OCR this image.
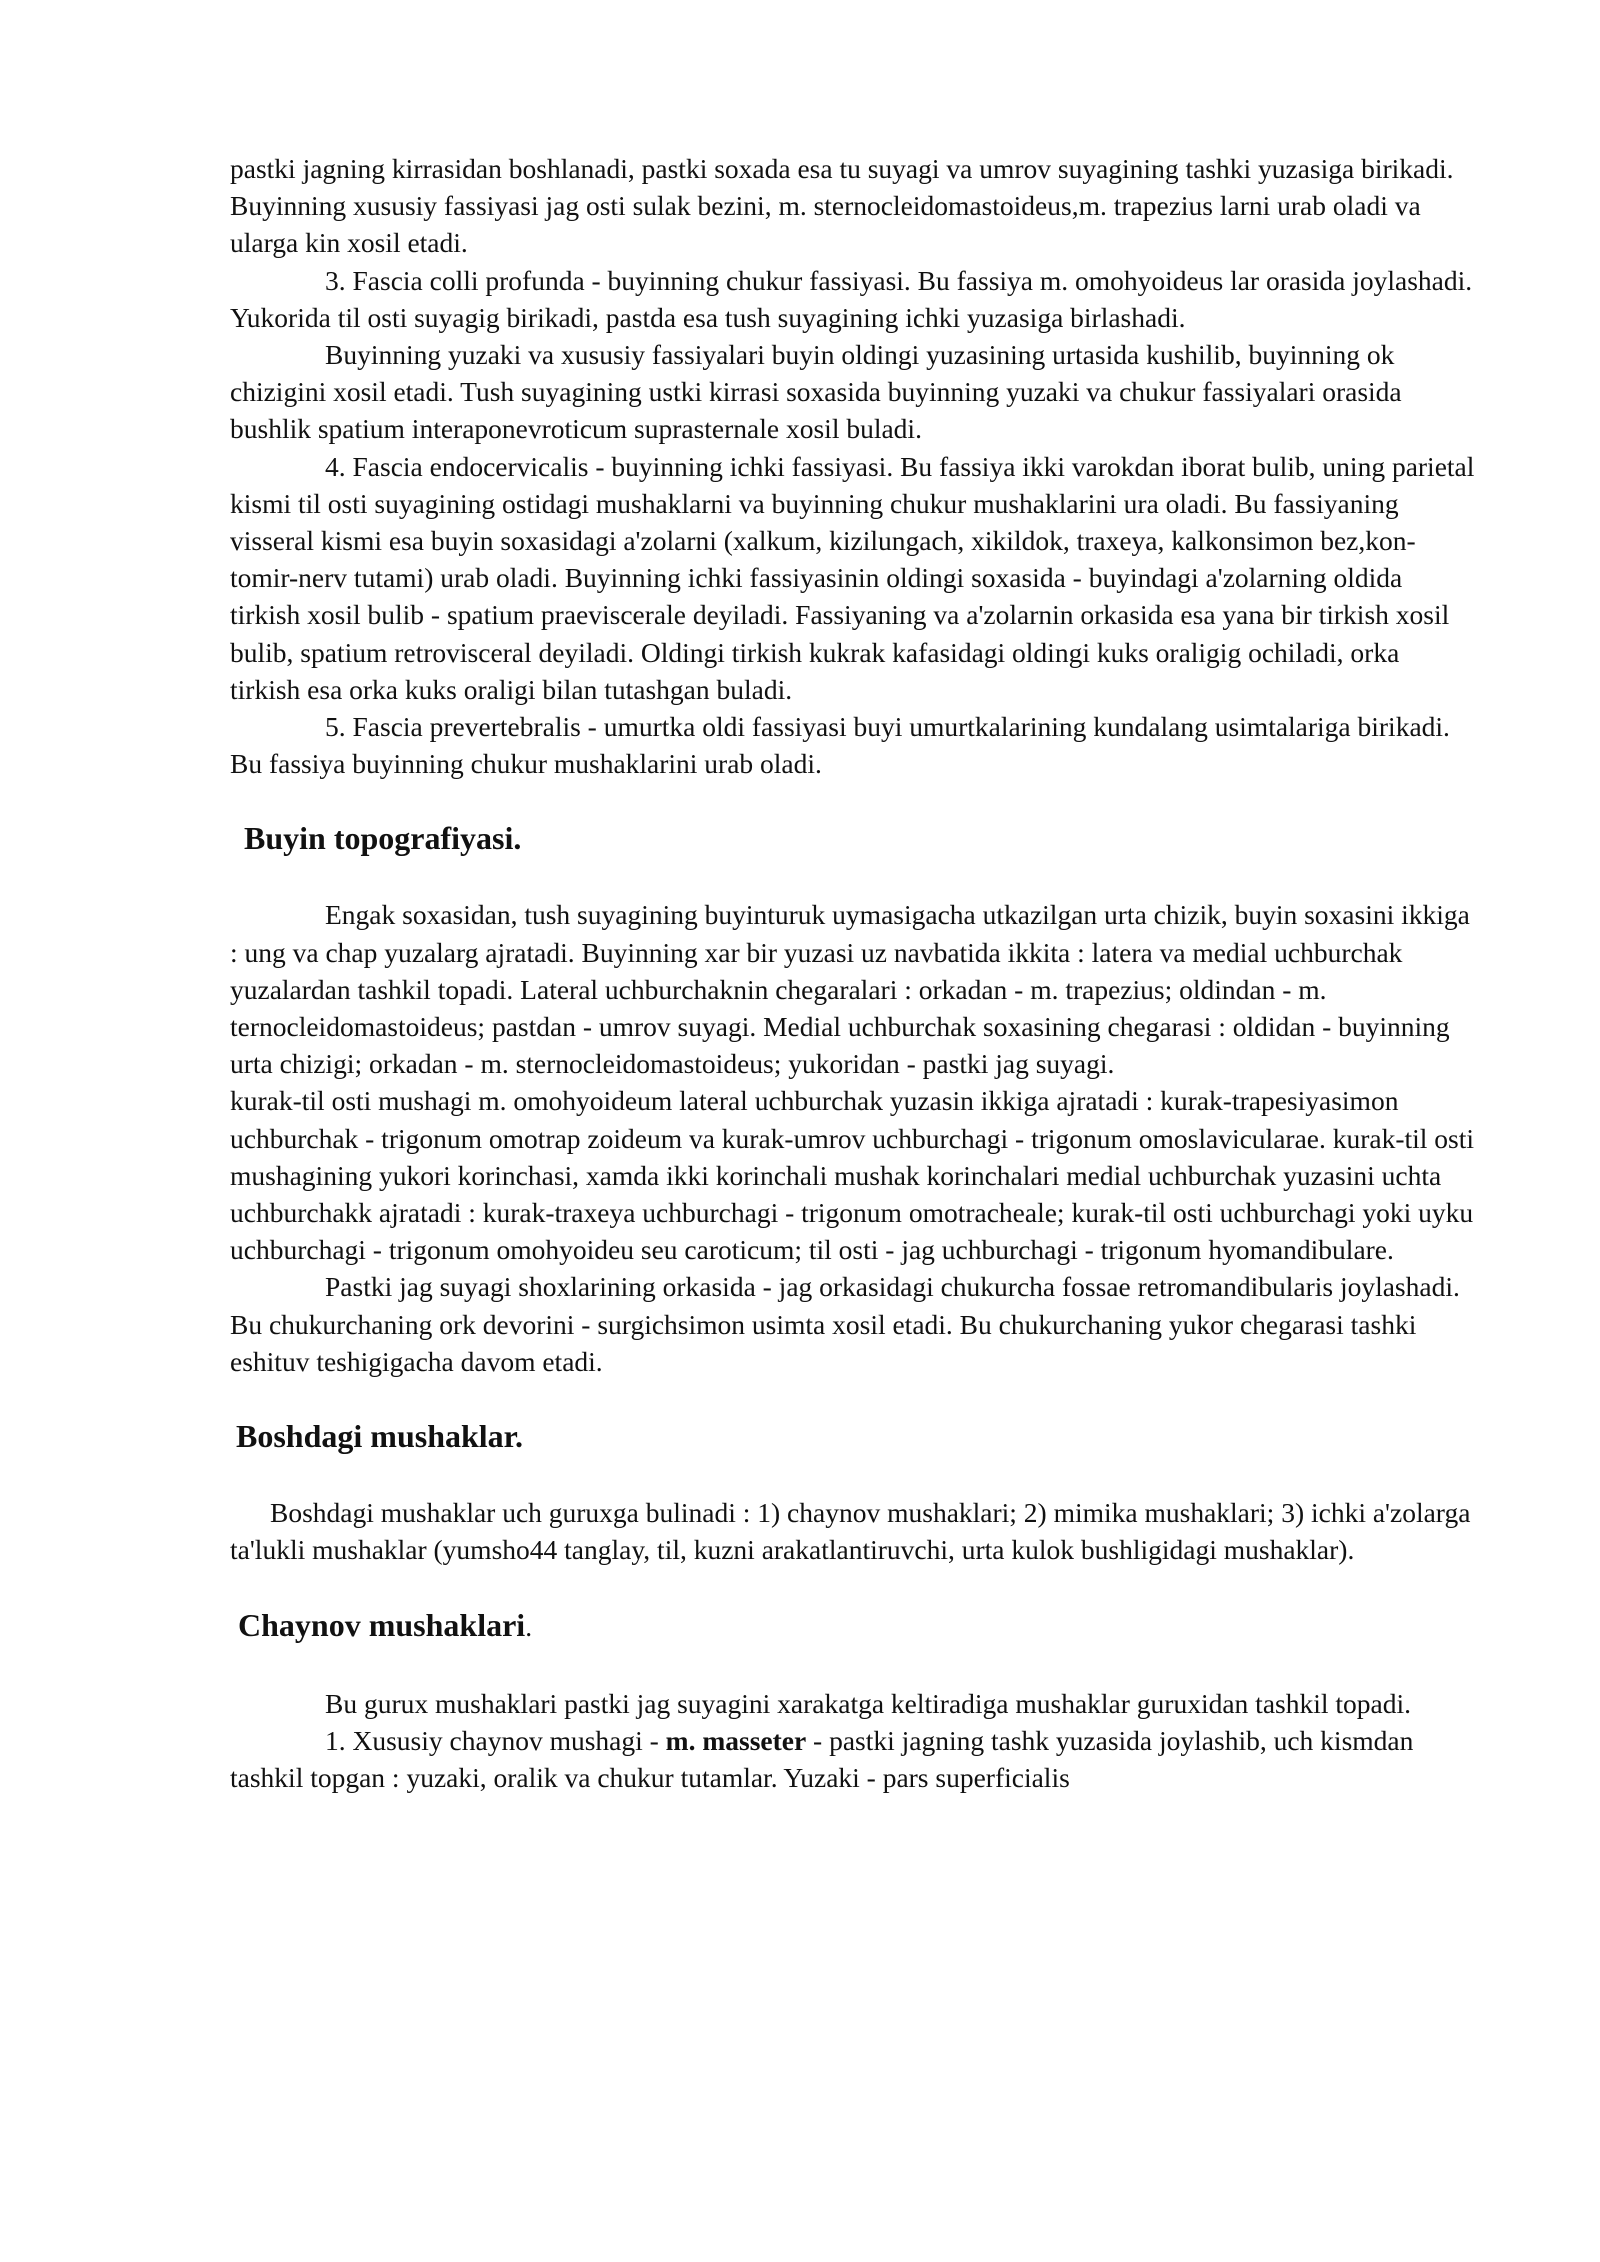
pastki jagning kirrasidan boshlanadi, pastki soxada esa tu suyagi va umrov suyagining tashki yuzasiga birikadi. Buyinning xususiy fassiyasi jag osti sulak bezini, m. sternocleidomastoideus,m. trapezius larni urab oladi va ularga kin xosil etadi.

3. Fascia colli profunda - buyinning chukur fassiyasi. Bu fassiya m. omohyoideus lar orasida joylashadi. Yukorida til osti suyagig birikadi, pastda esa tush suyagining ichki yuzasiga birlashadi.

Buyinning yuzaki va xususiy fassiyalari buyin oldingi yuzasining urtasida kushilib, buyinning ok chizigini xosil etadi. Tush suyagining ustki kirrasi soxasida buyinning yuzaki va chukur fassiyalari orasida bushlik spatium interaponevroticum suprasternale xosil buladi.

4. Fascia endocervicalis - buyinning ichki fassiyasi. Bu fassiya ikki varokdan iborat bulib, uning parietal kismi til osti suyagining ostidagi mushaklarni va buyinning chukur mushaklarini ura oladi. Bu fassiyaning visseral kismi esa buyin soxasidagi a'zolarni (xalkum, kizilungach, xikildok, traxeya, kalkonsimon bez,kon-tomir-nerv tutami) urab oladi. Buyinning ichki fassiyasinin oldingi soxasida - buyindagi a'zolarning oldida tirkish xosil bulib - spatium praeviscerale deyiladi. Fassiyaning va a'zolarnin orkasida esa yana bir tirkish xosil bulib, spatium retrovisceral deyiladi. Oldingi tirkish kukrak kafasidagi oldingi kuks oraligig ochiladi, orka tirkish esa orka kuks oraligi bilan tutashgan buladi.

5. Fascia prevertebralis - umurtka oldi fassiyasi buyi umurtkalarining kundalang usimtalariga birikadi. Bu fassiya buyinning chukur mushaklarini urab oladi.

Buyin topografiyasi.

Engak soxasidan, tush suyagining buyinturuk uymasigacha utkazilgan urta chizik, buyin soxasini ikkiga : ung va chap yuzalarg ajratadi. Buyinning xar bir yuzasi uz navbatida ikkita : latera va medial uchburchak yuzalardan tashkil topadi. Lateral uchburchaknin chegaralari : orkadan - m. trapezius; oldindan - m. ternocleidomastoideus; pastdan - umrov suyagi. Medial uchburchak soxasining chegarasi : oldidan - buyinning urta chizigi; orkadan - m. sternocleidomastoideus; yukoridan - pastki jag suyagi.

kurak-til osti mushagi m. omohyoideum lateral uchburchak yuzasin ikkiga ajratadi : kurak-trapesiyasimon uchburchak - trigonum omotrap zoideum va kurak-umrov uchburchagi - trigonum omoslavicularae. kurak-til osti mushagining yukori korinchasi, xamda ikki korinchali mushak korinchalari medial uchburchak yuzasini uchta uchburchakk ajratadi : kurak-traxeya uchburchagi - trigonum omotracheale; kurak-til osti uchburchagi yoki uyku uchburchagi - trigonum omohyoideu seu caroticum; til osti - jag uchburchagi - trigonum hyomandibulare.

Pastki jag suyagi shoxlarining orkasida - jag orkasidagi chukurcha fossae retromandibularis joylashadi. Bu chukurchaning ork devorini - surgichsimon usimta xosil etadi. Bu chukurchaning yukor chegarasi tashki eshituv teshigigacha davom etadi.

Boshdagi mushaklar.

Boshdagi mushaklar uch guruxga bulinadi : 1) chaynov mushaklari; 2) mimika mushaklari; 3) ichki a'zolarga ta'lukli mushaklar (yumsho44 tanglay, til, kuzni arakatlantiruvchi, urta kulok bushligidagi mushaklar).

Chaynov mushaklari.

Bu gurux mushaklari pastki jag suyagini xarakatga keltiradiga mushaklar guruxidan tashkil topadi.

1. Xususiy chaynov mushagi - m. masseter - pastki jagning tashk yuzasida joylashib, uch kismdan tashkil topgan : yuzaki, oralik va chukur tutamlar. Yuzaki - pars superficialis
